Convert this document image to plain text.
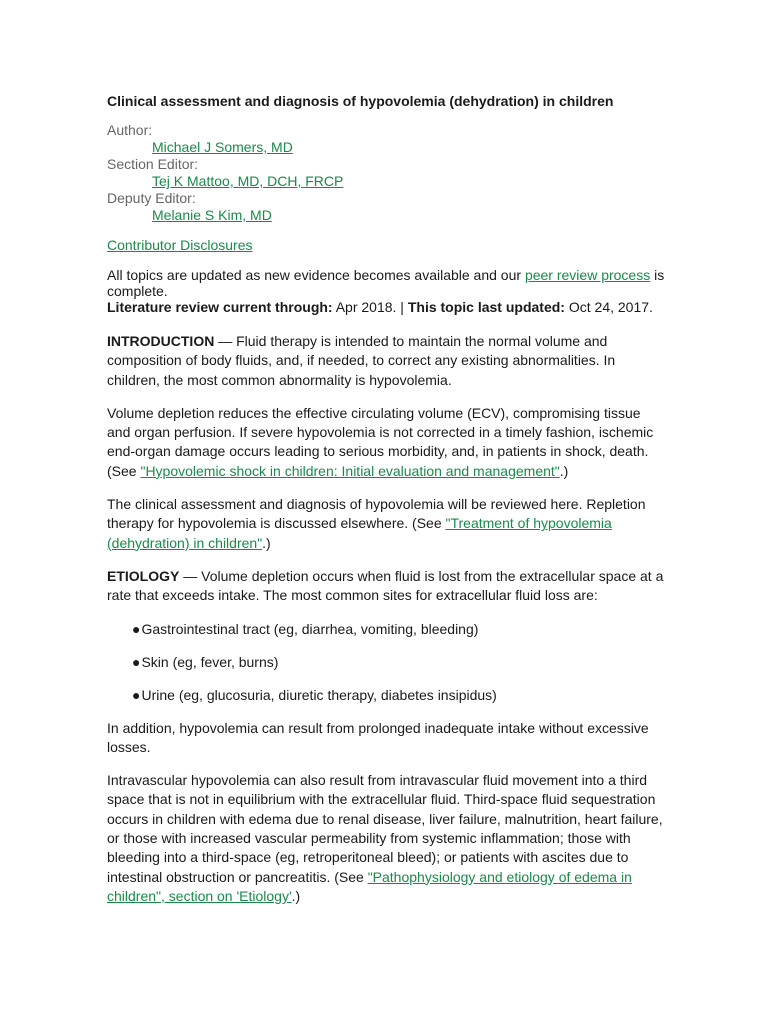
Clinical assessment and diagnosis of hypovolemia (dehydration) in children
Author:
Michael J Somers, MD
Section Editor:
Tej K Mattoo, MD, DCH, FRCP
Deputy Editor:
Melanie S Kim, MD
Contributor Disclosures
All topics are updated as new evidence becomes available and our peer review process is complete.
Literature review current through: Apr 2018. | This topic last updated: Oct 24, 2017.

INTRODUCTION — Fluid therapy is intended to maintain the normal volume and composition of body fluids, and, if needed, to correct any existing abnormalities. In children, the most common abnormality is hypovolemia.

Volume depletion reduces the effective circulating volume (ECV), compromising tissue and organ perfusion. If severe hypovolemia is not corrected in a timely fashion, ischemic end-organ damage occurs leading to serious morbidity, and, in patients in shock, death.
(See "Hypovolemic shock in children: Initial evaluation and management".)

The clinical assessment and diagnosis of hypovolemia will be reviewed here. Repletion therapy for hypovolemia is discussed elsewhere. (See "Treatment of hypovolemia (dehydration) in children".)

ETIOLOGY — Volume depletion occurs when fluid is lost from the extracellular space at a rate that exceeds intake. The most common sites for extracellular fluid loss are:

●Gastrointestinal tract (eg, diarrhea, vomiting, bleeding)
●Skin (eg, fever, burns)
●Urine (eg, glucosuria, diuretic therapy, diabetes insipidus)

In addition, hypovolemia can result from prolonged inadequate intake without excessive losses.

Intravascular hypovolemia can also result from intravascular fluid movement into a third space that is not in equilibrium with the extracellular fluid. Third-space fluid sequestration occurs in children with edema due to renal disease, liver failure, malnutrition, heart failure, or those with increased vascular permeability from systemic inflammation; those with bleeding into a third-space (eg, retroperitoneal bleed); or patients with ascites due to intestinal obstruction or pancreatitis. (See "Pathophysiology and etiology of edema in children", section on 'Etiology'.)
